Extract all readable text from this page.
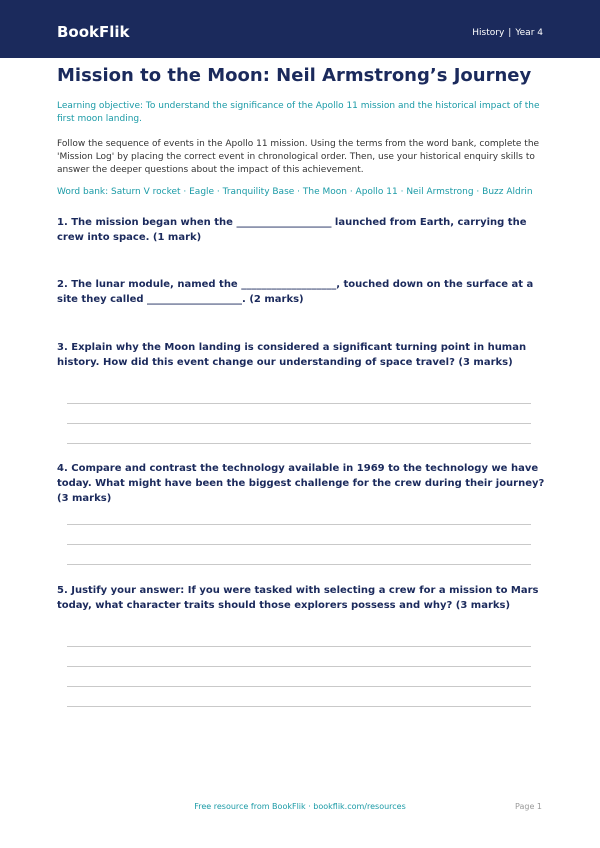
BookFlik	History | Year 4
Mission to the Moon: Neil Armstrong’s Journey

Learning objective: To understand the significance of the Apollo 11 mission and the historical impact of the first moon landing.

Follow the sequence of events in the Apollo 11 mission. Using the terms from the word bank, complete the 'Mission Log' by placing the correct event in chronological order. Then, use your historical enquiry skills to answer the deeper questions about the impact of this achievement.

Word bank: Saturn V rocket · Eagle · Tranquility Base · The Moon · Apollo 11 · Neil Armstrong · Buzz Aldrin

1. The mission began when the ___________________ launched from Earth, carrying the crew into space. (1 mark)

2. The lunar module, named the ___________________, touched down on the surface at a site they called ___________________. (2 marks)

3. Explain why the Moon landing is considered a significant turning point in human history. How did this event change our understanding of space travel? (3 marks)

4. Compare and contrast the technology available in 1969 to the technology we have today. What might have been the biggest challenge for the crew during their journey? (3 marks)

5. Justify your answer: If you were tasked with selecting a crew for a mission to Mars today, what character traits should those explorers possess and why? (3 marks)

Free resource from BookFlik · bookflik.com/resources	Page 1
